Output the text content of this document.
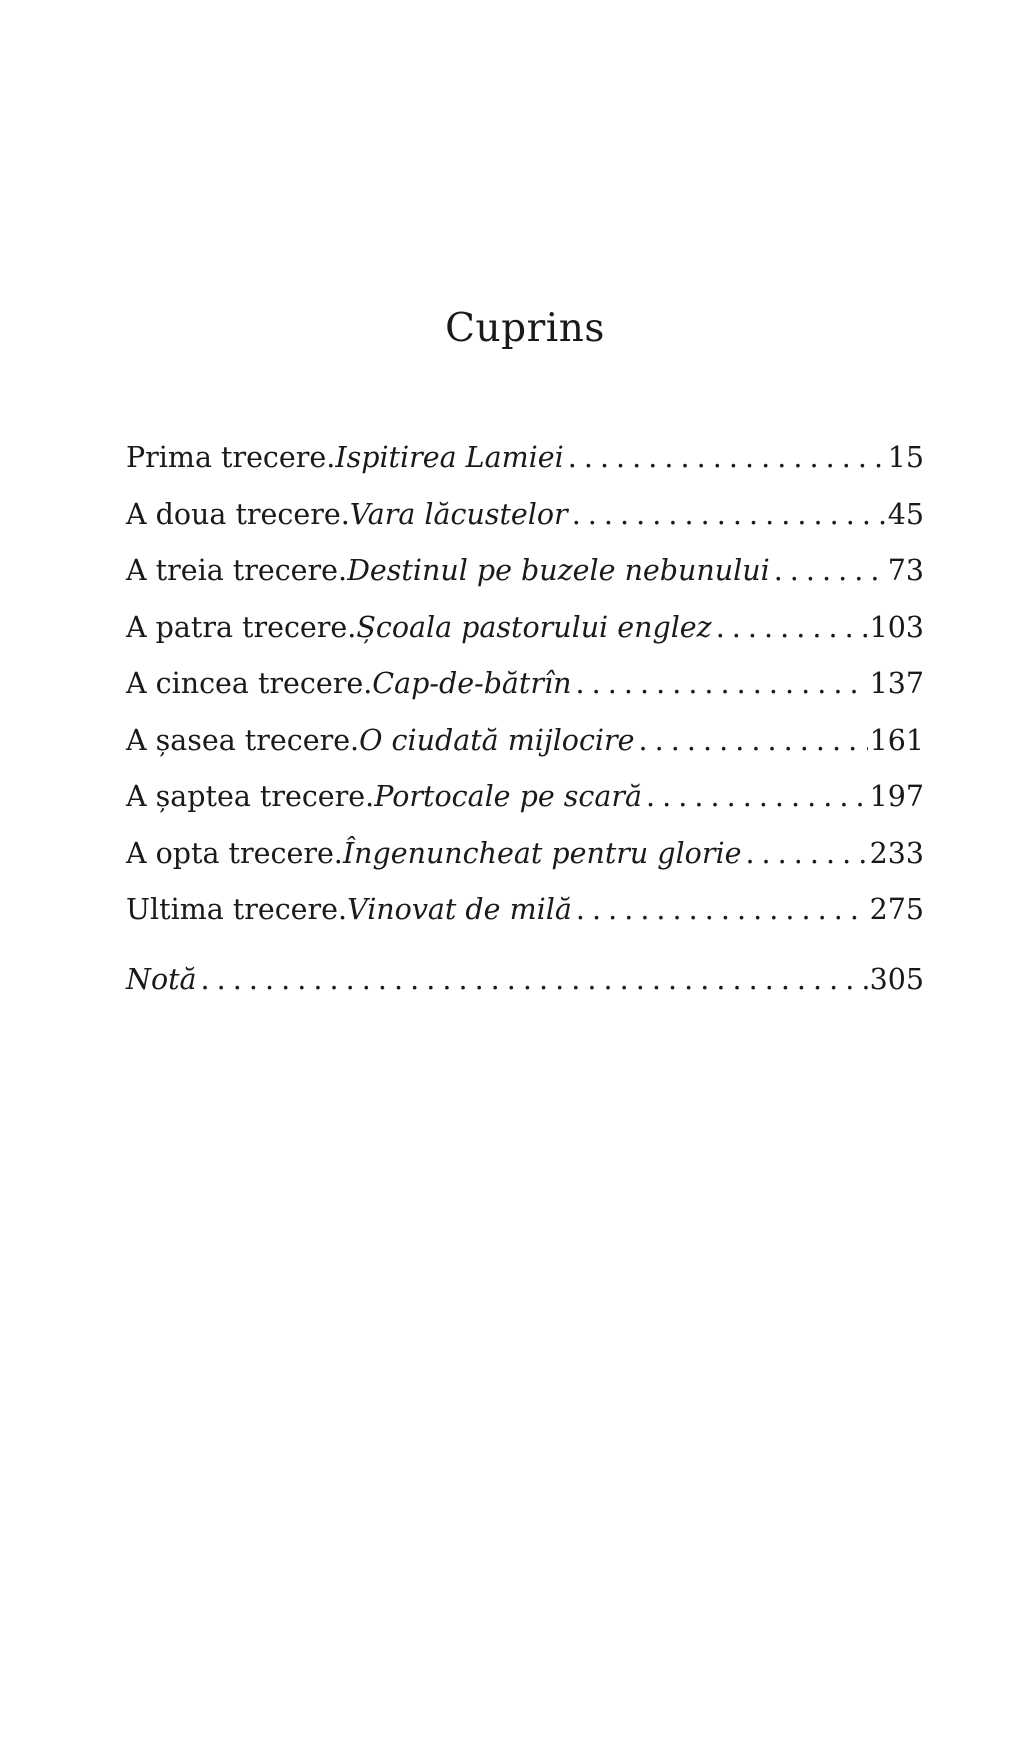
Cuprins
Prima trecere. Ispitirea Lamiei . . .	15
A doua trecere. Vara lăcustelor . . .	45
A treia trecere. Destinul pe buzele nebunului . . .	73
A patra trecere. Școala pastorului englez . . .	103
A cincea trecere. Cap-de-bătrîn . . .	137
A șasea trecere. O ciudată mijlocire . . .	161
A șaptea trecere. Portocale pe scară . . .	197
A opta trecere. Îngenuncheat pentru glorie . . .	233
Ultima trecere. Vinovat de milă . . .	275
Notă . . .	305
